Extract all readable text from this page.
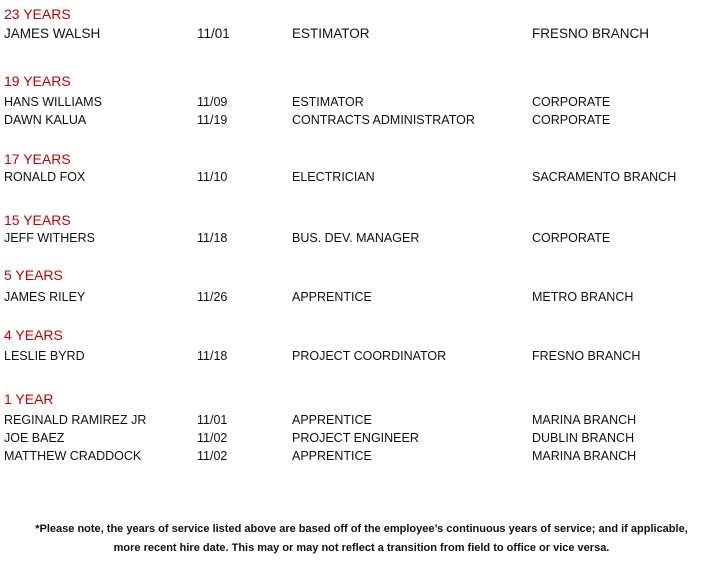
23 YEARS
JAMES WALSH	11/01	ESTIMATOR	FRESNO BRANCH
19 YEARS
HANS WILLIAMS	11/09	ESTIMATOR	CORPORATE
DAWN KALUA	11/19	CONTRACTS ADMINISTRATOR	CORPORATE
17 YEARS
RONALD FOX	11/10	ELECTRICIAN	SACRAMENTO BRANCH
15 YEARS
JEFF WITHERS	11/18	BUS. DEV. MANAGER	CORPORATE
5 YEARS
JAMES RILEY	11/26	APPRENTICE	METRO BRANCH
4 YEARS
LESLIE BYRD	11/18	PROJECT COORDINATOR	FRESNO BRANCH
1 YEAR
REGINALD RAMIREZ JR	11/01	APPRENTICE	MARINA BRANCH
JOE BAEZ	11/02	PROJECT ENGINEER	DUBLIN BRANCH
MATTHEW CRADDOCK	11/02	APPRENTICE	MARINA BRANCH
*Please note, the years of service listed above are based off of the employee’s continuous years of service; and if applicable,
more recent hire date. This may or may not reflect a transition from field to office or vice versa.
